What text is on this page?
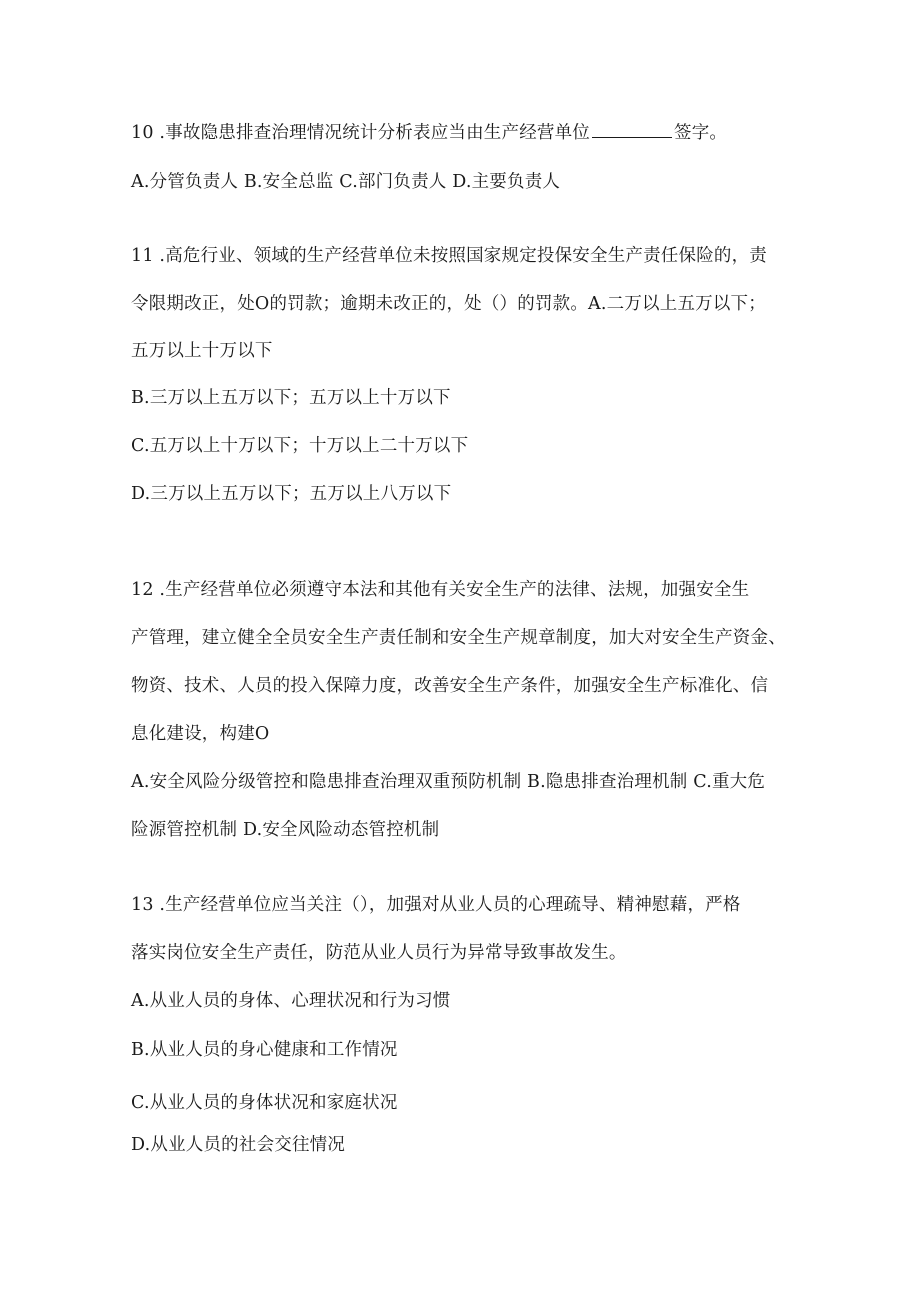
10 .事故隐患排查治理情况统计分析表应当由生产经营单位	签字。
A.分管负责人 B.安全总监 C.部门负责人 D.主要负责人
11 .高危行业、领域的生产经营单位未按照国家规定投保安全生产责任保险的，责
令限期改正，处O的罚款；逾期未改正的，处（）的罚款。A.二万以上五万以下；
五万以上十万以下
B.三万以上五万以下；五万以上十万以下
C.五万以上十万以下；十万以上二十万以下
D.三万以上五万以下；五万以上八万以下
12 .生产经营单位必须遵守本法和其他有关安全生产的法律、法规，加强安全生
产管理，建立健全全员安全生产责任制和安全生产规章制度，加大对安全生产资金、
物资、技术、人员的投入保障力度，改善安全生产条件，加强安全生产标准化、信
息化建设，构建O
A.安全风险分级管控和隐患排查治理双重预防机制 B.隐患排查治理机制 C.重大危
险源管控机制 D.安全风险动态管控机制
13 .生产经营单位应当关注（），加强对从业人员的心理疏导、精神慰藉，严格
落实岗位安全生产责任，防范从业人员行为异常导致事故发生。
A.从业人员的身体、心理状况和行为习惯
B.从业人员的身心健康和工作情况
C.从业人员的身体状况和家庭状况
D.从业人员的社会交往情况
